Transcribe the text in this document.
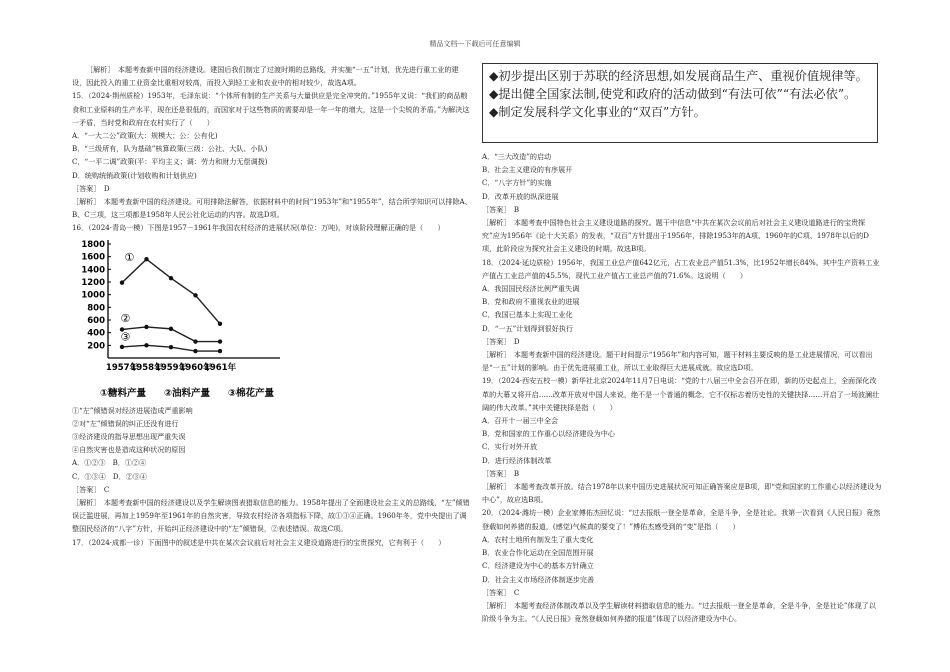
精品文档---下载后可任意编辑

［解析］　本题考查新中国的经济建设。建国后我们制定了过渡时期的总路线，并实施“一五”计划，优先进行重工业的建设，因此投入的重工业资金比重相对较高，而投入到轻工业和农业中的相对较少，故选A项。

15．（2024·荆州质检）1953年，毛泽东说：“个体所有制的生产关系与大量供应是完全冲突的。”1955年又说：“我们的商品粮食和工业原料的生产水平，现在还是很低的，而国家对于这些物质的需要却是一年一年的增大，这是一个尖锐的矛盾。”为解决这一矛盾，当时党和政府在农村实行了（　　）

A．“一大二公”政策(大：规模大；公：公有化)

B．“三级所有，队为基础”核算政策(三级：公社、大队、小队)

C．“一平二调”政策(平：平均主义；调：劳力和财力无偿调拨)

D．统购统销政策(计划收购和计划供应)

［答案］　D

［解析］　本题考查新中国的经济建设。可用排除法解答，依据材料中的时间“1953年”和“1955年”，结合所学知识可以排除A、B、C三项，这三项都是1958年人民公社化运动的内容。故选D项。

16．（2024·青岛一模）下图是1957－1961年我国农村经济的进展状况(单位：万吨)，对该阶段理解正确的是（　　）

200
400
600
800
1000
1200
1400
1600
1800
1957年
1958年
1959年
1960年
1961年
①
②
③
①糖料产量 ②油料产量 ③棉花产量

①“左”倾错误对经济进展造成严重影响

②对“左”倾错误的纠正还没有进行

③经济建设的指导思想出现严重失误

④自然灾害也是造成这种状况的原因

A．①②③　B．①②④

C．①③④　D．②③④

［答案］　C

［解析］　本题考查新中国的经济建设以及学生解读图表猎取信息的能力。1958年提出了全面建设社会主义的总路线，“左”倾错误泛滥进展，再加上1959年至1961年的自然灾害，导致农村经济各项指标下降，故①③④正确。1960年冬，党中央提出了调整国民经济的“八字”方针，开始纠正经济建设中的“左”倾错误，②表述错误。故选C项。

17．（2024·成都一诊）下面图中的叙述是中共在某次会议前后对社会主义建设道路进行的宝贵探究，它有利于（　　）

◆初步提出区别于苏联的经济思想,如发展商品生产、重视价值规律等。

◆提出健全国家法制,使党和政府的活动做到“有法可依”“有法必依”。

◆制定发展科学文化事业的“双百”方针。

A．“三大改造”的启动

B．社会主义建设的有序展开

C．“八字方针”的实施

D．改革开放的纵深进展

［答案］　B

［解析］　本题考查中国特色社会主义建设道路的探究。题干中信息“中共在某次会议前后对社会主义建设道路进行的宝贵探究”应为1956年《论十大关系》的发表，“双百”方针提出于1956年，排除1953年的A项、1960年的C项、1978年以后的D项，此阶段应为探究社会主义建设的时期。故选B项。

18．（2024·延边质检）1956年，我国工业总产值642亿元，占工农业总产值51.3%，比1952年增长84%。其中生产资料工业产值占工业总产值的45.5%，现代工业产值占工业总产值的71.6%。这说明（　　）

A．我国国民经济比例严重失调

B．党和政府不重视农业的进展

C．我国已基本上实现工业化

D．“一五”计划得到很好执行

［答案］　D

［解析］　本题考查新中国的经济建设。题干时间提示“1956年”和内容可知，题干材料主要反映的是工业进展情况，可以看出是“一五”计划的影响。由于优先进展重工业，所以工业取得巨大进展成就。故应选D项。

19．（2024·西安五校一模）新华社北京2024年11月7日电说：“党的十八届三中全会召开在即，新的历史起点上，全面深化改革的大幕又将开启……改革开放对中国人来说，绝不是一个普通的概念，它不仅标志着历史性的关键抉择……开启了一场波澜壮阔的伟大改革。”其中关键抉择是指（　　）

A．召开十一届三中全会

B．党和国家的工作重心以经济建设为中心

C．实行对外开放

D．进行经济体制改革

［答案］　B

［解析］　本题考查改革开放。结合1978年以来中国历史进展状况可知正确答案应是B项，即“党和国家的工作重心以经济建设为中心”，故应选B项。

20．（2024·潍坊一模）企业家傅佑杰回忆说：“过去报纸一登全是革命，全是斗争，全是社论。我第一次看到《人民日报》竟然登载如何养猪的报道，(感觉)气候真的要变了！”傅佑杰感受到的“变”是指（　　）

A．农村土地所有制发生了重大变化

B．农业合作化运动在全国范围开展

C．经济建设为中心的基本方针确立

D．社会主义市场经济体制逐步完善

［答案］　C

［解析］　本题考查经济体制改革以及学生解读材料猎取信息的能力。“过去报纸一登全是革命，全是斗争，全是社论”体现了以阶级斗争为主。“《人民日报》竟然登载如何养猪的报道”体现了以经济建设为中心。
